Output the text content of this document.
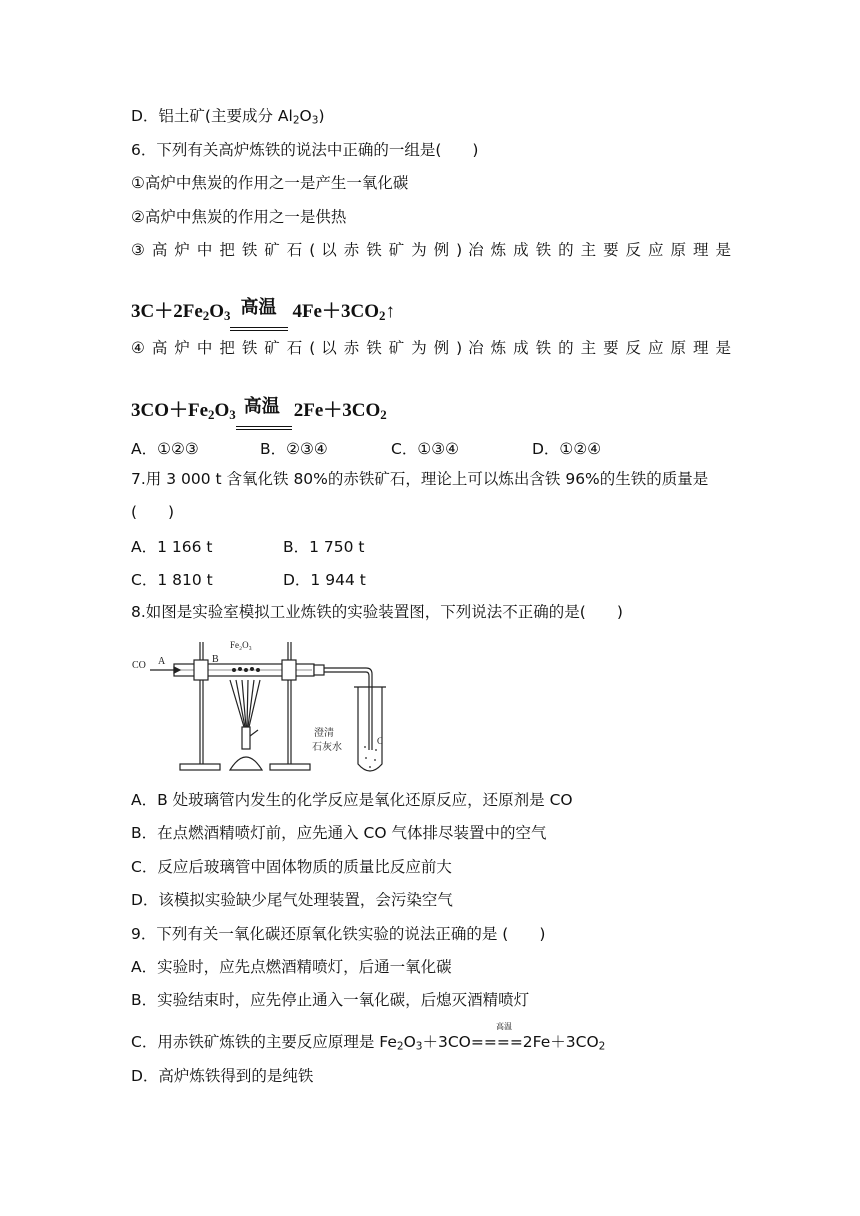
D．铝土矿(主要成分 $Al_2O_3$)
6．下列有关高炉炼铁的说法中正确的一组是(　　)
①高炉中焦炭的作用之一是产生一氧化碳
②高炉中焦炭的作用之一是供热
③ 高 炉 中 把 铁 矿 石 ( 以 赤 铁 矿 为 例 ) 冶 炼 成 铁 的 主 要 反 应 原 理 是
$3C+2Fe_2O_3$ 高温 $4Fe+3CO_2↑$
④ 高 炉 中 把 铁 矿 石 ( 以 赤 铁 矿 为 例 ) 冶 炼 成 铁 的 主 要 反 应 原 理 是
$3CO+Fe_2O_3$ 高温 $2Fe+3CO_2$
A．①②③	B．②③④	C．①③④	D．①②④
7.用 3 000 t 含氧化铁 80%的赤铁矿石，理论上可以炼出含铁 96%的生铁的质量是
(　　)
A．1 166 t	B．1 750 t
C．1 810 t	D．1 944 t
8.如图是实验室模拟工业炼铁的实验装置图，下列说法不正确的是(　　)
CO A	B
Fe₂O₃
C
澄清
石灰水
A．B 处玻璃管内发生的化学反应是氧化还原反应，还原剂是 CO
B．在点燃酒精喷灯前，应先通入 CO 气体排尽装置中的空气
C．反应后玻璃管中固体物质的质量比反应前大
D．该模拟实验缺少尾气处理装置，会污染空气
9．下列有关一氧化碳还原氧化铁实验的说法正确的是 (　　)
A．实验时，应先点燃酒精喷灯，后通一氧化碳
B．实验结束时，应先停止通入一氧化碳，后熄灭酒精喷灯
C．用赤铁矿炼铁的主要反应原理是 $Fe_2O_3+3CO====2Fe+3CO_2$
高温
D．高炉炼铁得到的是纯铁
